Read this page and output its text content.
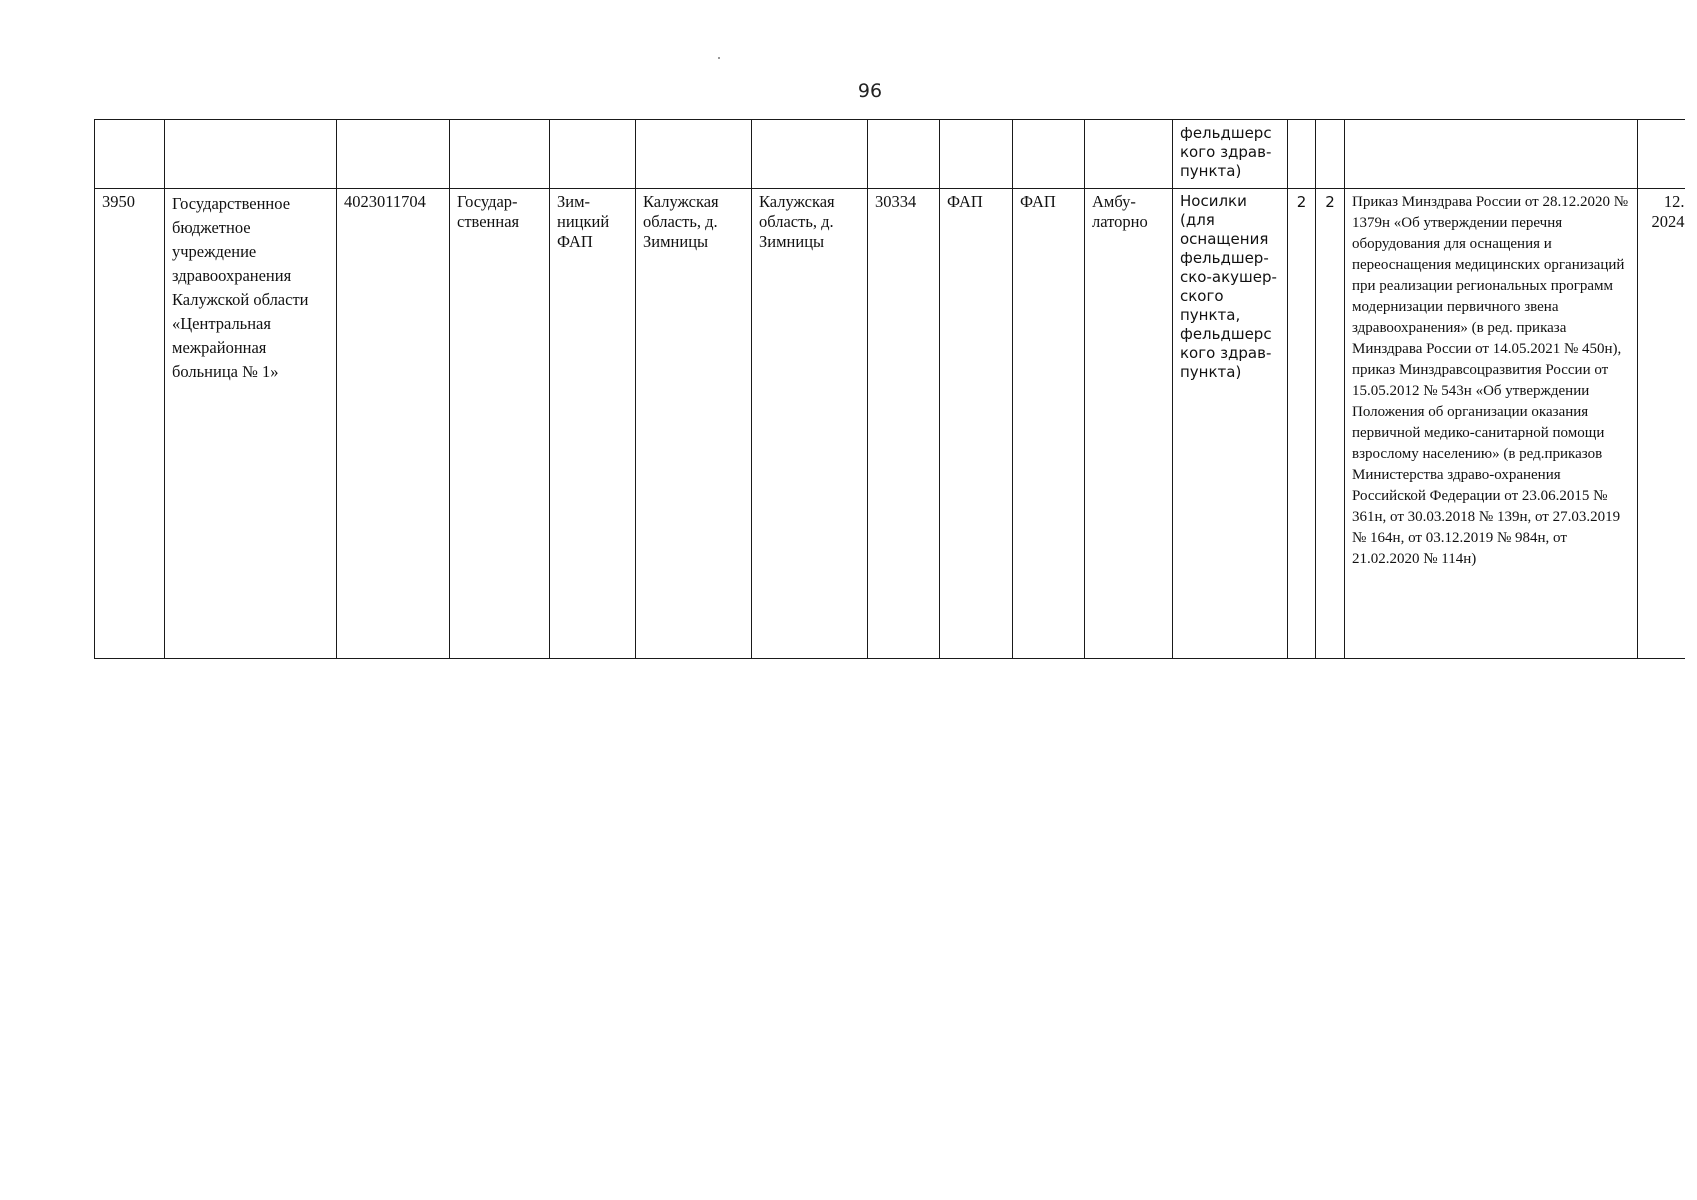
96
											фельдшерс кого здрав-пункта)				
3950	Государственное бюджетное учреждение здравоохранения Калужской области «Центральная межрайонная больница № 1»	4023011704	Государ-ственная	Зим-ницкий ФАП	Калужская область, д. Зимницы	Калужская область, д. Зимницы	30334	ФАП	ФАП	Амбу-латорно	Носилки (для оснащения фельдшер-ско-акушер-ского пункта, фельдшерс кого здрав-пункта)	2	2	Приказ Минздрава России от 28.12.2020 № 1379н «Об утверждении перечня оборудования для оснащения и переоснащения медицинских организаций при реализации региональных программ модернизации первичного звена здравоохранения» (в ред. приказа Минздрава России от 14.05.2021 № 450н), приказ Минздравсоцразвития России от 15.05.2012 № 543н «Об утверждении Положения об организации оказания первичной медико-санитарной помощи взрослому населению» (в ред.приказов Министерства здраво-охранения Российской Федерации от 23.06.2015 № 361н, от 30.03.2018 № 139н, от 27.03.2019 № 164н, от 03.12.2019 № 984н, от 21.02.2020 № 114н)	12.
2024
